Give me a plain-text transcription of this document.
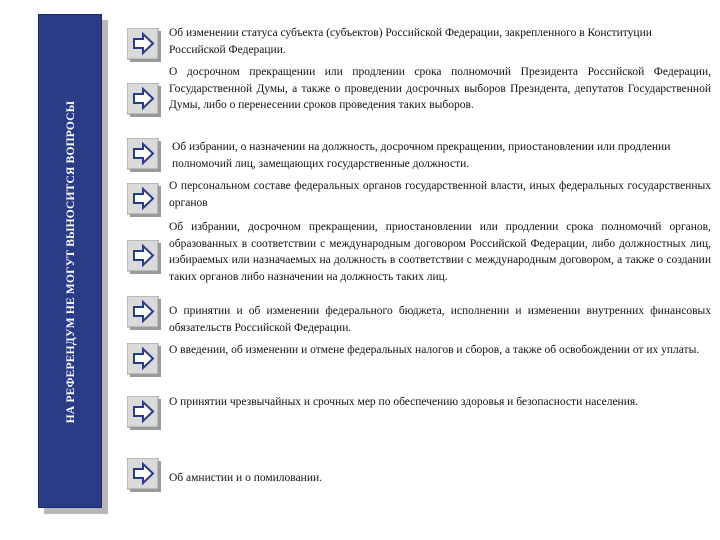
НА РЕФЕРЕНДУМ НЕ МОГУТ ВЫНОСИТСЯ ВОПРОСЫ
Об изменении статуса субъекта (субъектов) Российской Федерации, закрепленного в Конституции Российской Федерации.
О досрочном прекращении или продлении срока полномочий Президента Российской Федерации, Государственной Думы, а также о проведении досрочных выборов Президента, депутатов Государственной Думы, либо о перенесении сроков проведения таких выборов.
Об избрании, о назначении на должность, досрочном прекращении, приостановлении или продлении полномочий лиц, замещающих государственные должности.
О персональном составе федеральных органов государственной власти, иных федеральных государственных органов
Об избрании, досрочном прекращении, приостановлении или продлении срока полномочий органов, образованных в соответствии с международным договором Российской Федерации, либо должностных лиц, избираемых или назначаемых на должность в соответствии с международным договором, а также о создании таких органов либо назначении на должность таких лиц.
О принятии и об изменении федерального бюджета, исполнении и изменении внутренних финансовых обязательств Российской Федерации.
О введении, об изменении и отмене федеральных налогов и сборов, а также об освобождении от их уплаты.
О принятии чрезвычайных и срочных мер по обеспечению здоровья и безопасности населения.
Об амнистии и о помиловании.
